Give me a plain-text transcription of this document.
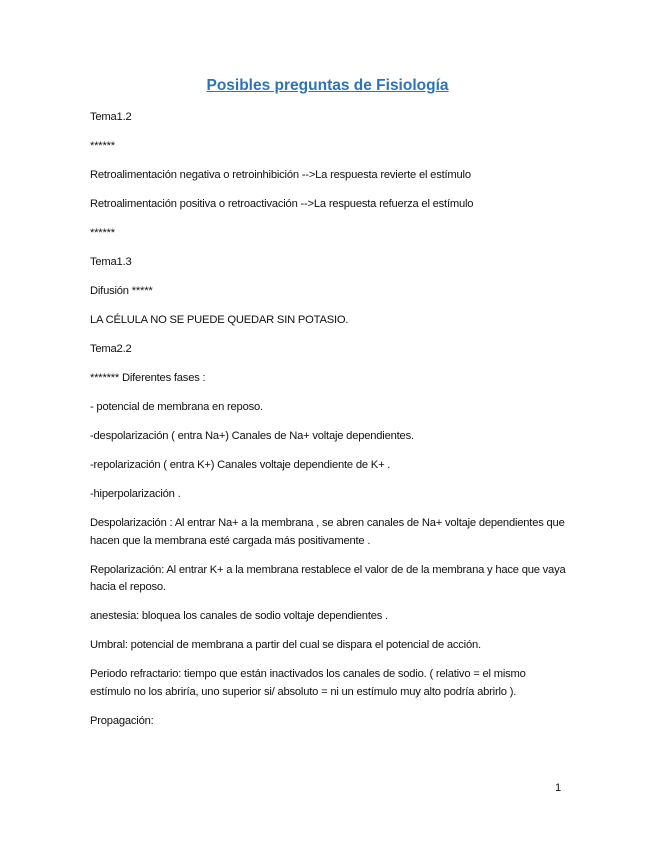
Posibles preguntas de Fisiología

Tema1.2

******

Retroalimentación negativa o retroinhibición -->La respuesta revierte el estímulo

Retroalimentación positiva o retroactivación -->La respuesta refuerza el estímulo

******

Tema1.3

Difusión *****

LA CÉLULA NO SE PUEDE QUEDAR SIN POTASIO.

Tema2.2

******* Diferentes fases :

- potencial de membrana en reposo.

-despolarización ( entra Na+) Canales de Na+ voltaje dependientes.

-repolarización ( entra K+) Canales voltaje dependiente de K+ .

-hiperpolarización .

Despolarización : Al entrar Na+ a la membrana , se abren canales de Na+ voltaje dependientes que hacen que la membrana esté cargada más positivamente .

Repolarización: Al entrar K+ a la membrana restablece el valor de de la membrana y hace que vaya hacia el reposo.

anestesia: bloquea los canales de sodio voltaje dependientes .

Umbral: potencial de membrana a partir del cual se dispara el potencial de acción.

Periodo refractario: tiempo que están inactivados los canales de sodio. ( relativo = el mismo estímulo no los abriría, uno superior si/ absoluto = ni un estímulo muy alto podría abrirlo ).

Propagación:

1
